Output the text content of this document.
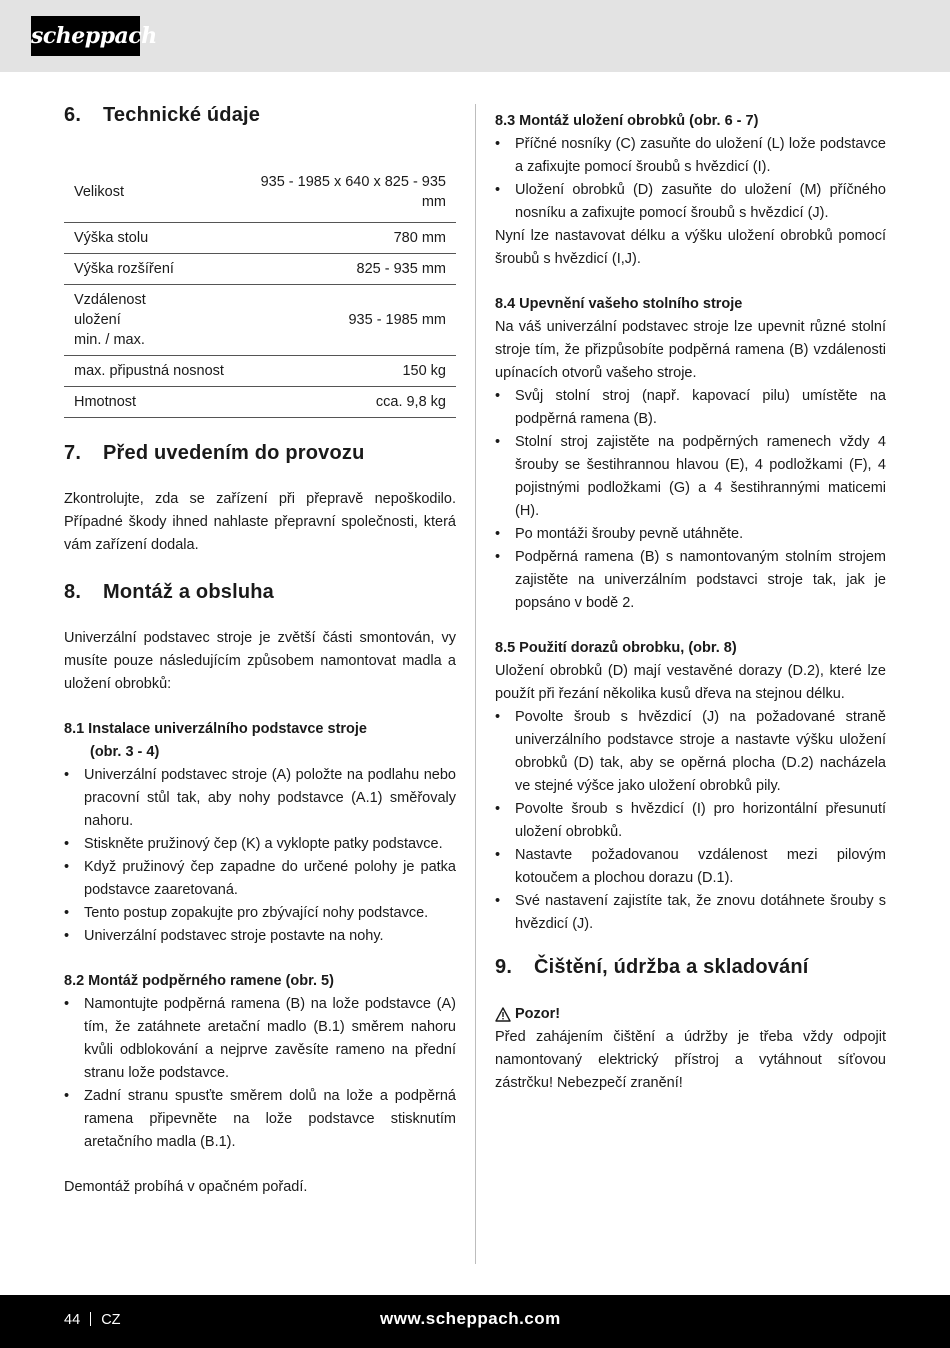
scheppach
6.	Technické údaje
Velikost	935 - 1985 x 640 x 825 - 935 mm
Výška stolu	780 mm
Výška rozšíření	825 - 935 mm
Vzdálenost uložení min. / max.	935 - 1985 mm
max. připustná nosnost	150 kg
Hmotnost	cca. 9,8 kg
7.	Před uvedením do provozu

Zkontrolujte, zda se zařízení při přepravě nepoškodilo. Případné škody ihned nahlaste přepravní společnosti, která vám zařízení dodala.

8.	Montáž a obsluha

Univerzální podstavec stroje je zvětší části smontován, vy musíte pouze následujícím způsobem namontovat madla a uložení obrobků:

8.1 Instalace univerzálního podstavce stroje
(obr. 3 - 4)

• Univerzální podstavec stroje (A) položte na podlahu nebo pracovní stůl tak, aby nohy podstavce (A.1) směřovaly nahoru.
• Stiskněte pružinový čep (K) a vyklopte patky podstavce.
• Když pružinový čep zapadne do určené polohy je patka podstavce zaaretovaná.
• Tento postup zopakujte pro zbývající nohy podstavce.
• Univerzální podstavec stroje postavte na nohy.

8.2 Montáž podpěrného ramene (obr. 5)

• Namontujte podpěrná ramena (B) na lože podstavce (A) tím, že zatáhnete aretační madlo (B.1) směrem nahoru kvůli odblokování a nejprve zavěsíte rameno na přední stranu lože podstavce.
• Zadní stranu spusťte směrem dolů na lože a podpěrná ramena připevněte na lože podstavce stisknutím aretačního madla (B.1).

Demontáž probíhá v opačném pořadí.

8.3 Montáž uložení obrobků (obr. 6 - 7)

• Příčné nosníky (C) zasuňte do uložení (L) lože podstavce a zafixujte pomocí šroubů s hvězdicí (I).
• Uložení obrobků (D) zasuňte do uložení (M) příčného nosníku a zafixujte pomocí šroubů s hvězdicí (J).

Nyní lze nastavovat délku a výšku uložení obrobků pomocí šroubů s hvězdicí (I,J).

8.4 Upevnění vašeho stolního stroje

Na váš univerzální podstavec stroje lze upevnit různé stolní stroje tím, že přizpůsobíte podpěrná ramena (B) vzdálenosti upínacích otvorů vašeho stroje.

• Svůj stolní stroj (např. kapovací pilu) umístěte na podpěrná ramena (B).
• Stolní stroj zajistěte na podpěrných ramenech vždy 4 šrouby se šestihrannou hlavou (E), 4 podložkami (F), 4 pojistnými podložkami (G) a 4 šestihrannými maticemi (H).
• Po montáži šrouby pevně utáhněte.
• Podpěrná ramena (B) s namontovaným stolním strojem zajistěte na univerzálním podstavci stroje tak, jak je popsáno v bodě 2.

8.5 Použití dorazů obrobku, (obr. 8)

Uložení obrobků (D) mají vestavěné dorazy (D.2), které lze použít při řezání několika kusů dřeva na stejnou délku.

• Povolte šroub s hvězdicí (J) na požadované straně univerzálního podstavce stroje a nastavte výšku uložení obrobků (D) tak, aby se opěrná plocha (D.2) nacházela ve stejné výšce jako uložení obrobků pily.
• Povolte šroub s hvězdicí (I) pro horizontální přesunutí uložení obrobků.
• Nastavte požadovanou vzdálenost mezi pilovým kotoučem a plochou dorazu (D.1).
• Své nastavení zajistíte tak, že znovu dotáhnete šrouby s hvězdicí (J).
9.	Čištění, údržba a skladování

Pozor!

Před zahájením čištění a údržby je třeba vždy odpojit namontovaný elektrický přístroj a vytáhnout síťovou zástrčku! Nebezpečí zranění!

44 CZ	www.scheppach.com
